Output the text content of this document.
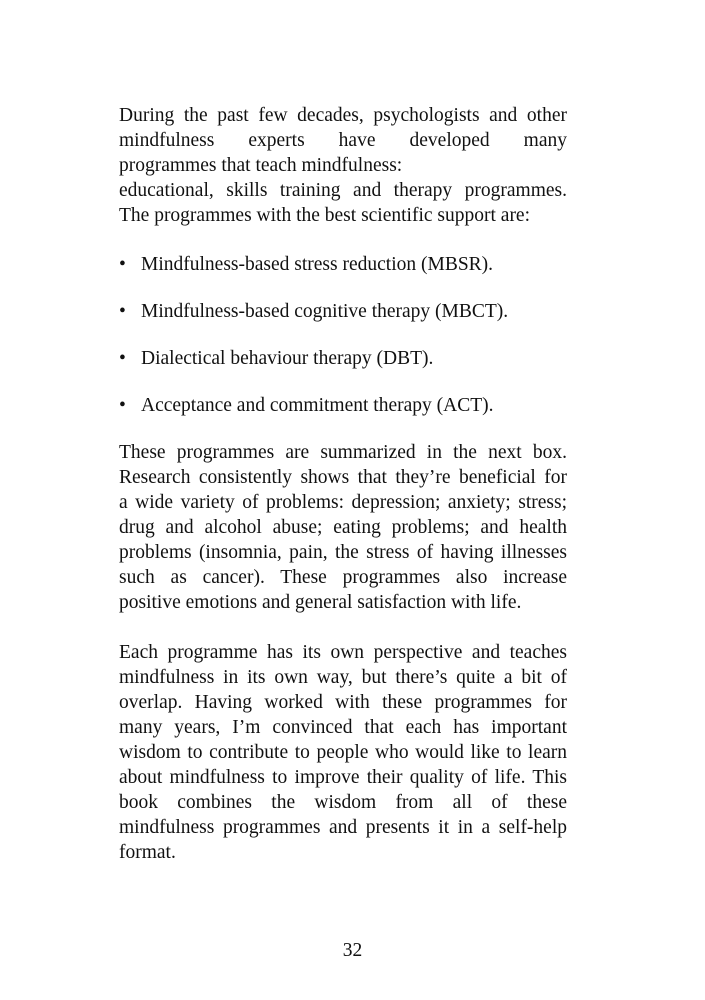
During the past few decades, psychologists and other
mindfulness experts have developed many
programmes that teach mindfulness:
educational, skills training and therapy programmes.
The programmes with the best scientific support are:

• Mindfulness-based stress reduction (MBSR).
• Mindfulness-based cognitive therapy (MBCT).
• Dialectical behaviour therapy (DBT).
• Acceptance and commitment therapy (ACT).

These programmes are summarized in the next box.
Research consistently shows that they’re beneficial for
a wide variety of problems: depression; anxiety; stress;
drug and alcohol abuse; eating problems; and health
problems (insomnia, pain, the stress of having illnesses
such as cancer). These programmes also increase
positive emotions and general satisfaction with life.

Each programme has its own perspective and teaches
mindfulness in its own way, but there’s quite a bit of
overlap. Having worked with these programmes for
many years, I’m convinced that each has important
wisdom to contribute to people who would like to learn
about mindfulness to improve their quality of life. This
book combines the wisdom from all of these
mindfulness programmes and presents it in a self-help
format.

32
